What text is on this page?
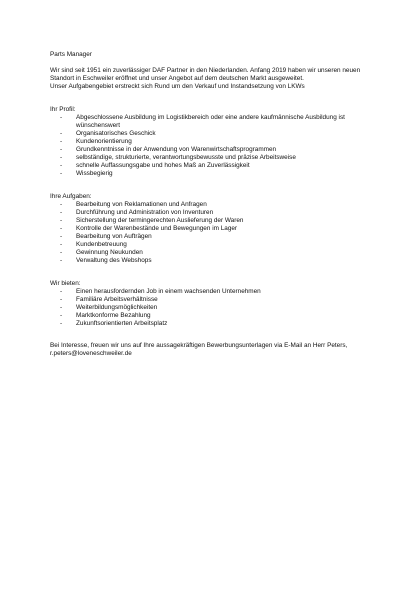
Parts Manager

Wir sind seit 1951 ein zuverlässiger DAF Partner in den Niederlanden. Anfang 2019 haben wir unseren neuen Standort in Eschweiler eröffnet und unser Angebot auf dem deutschen Markt ausgeweitet.

Unser Aufgabengebiet erstreckt sich Rund um den Verkauf und Instandsetzung von LKWs

Ihr Profil:

- Abgeschlossene Ausbildung im Logistikbereich oder eine andere kaufmännische Ausbildung ist wünschenswert
- Organisatorisches Geschick
- Kundenorientierung
- Grundkenntnisse in der Anwendung von Warenwirtschaftsprogrammen
- selbständige, strukturierte, verantwortungsbewusste und präzise Arbeitsweise
- schnelle Auffassungsgabe und hohes Maß an Zuverlässigkeit
- Wissbegierig

Ihre Aufgaben:

- Bearbeitung von Reklamationen und Anfragen
- Durchführung und Administration von Inventuren
- Sicherstellung der termingerechten Auslieferung der Waren
- Kontrolle der Warenbestände und Bewegungen im Lager
- Bearbeitung von Aufträgen
- Kundenbetreuung
- Gewinnung Neukunden
- Verwaltung des Webshops

Wir bieten:

- Einen herausfordernden Job in einem wachsenden Unternehmen
- Familiäre Arbeitsverhältnisse
- Weiterbildungsmöglichkeiten
- Marktkonforme Bezahlung
- Zukunftsorientierten Arbeitsplatz

Bei Interesse, freuen wir uns auf Ihre aussagekräftigen Bewerbungsunterlagen via E-Mail an Herr Peters, r.peters@loveneschweiler.de
